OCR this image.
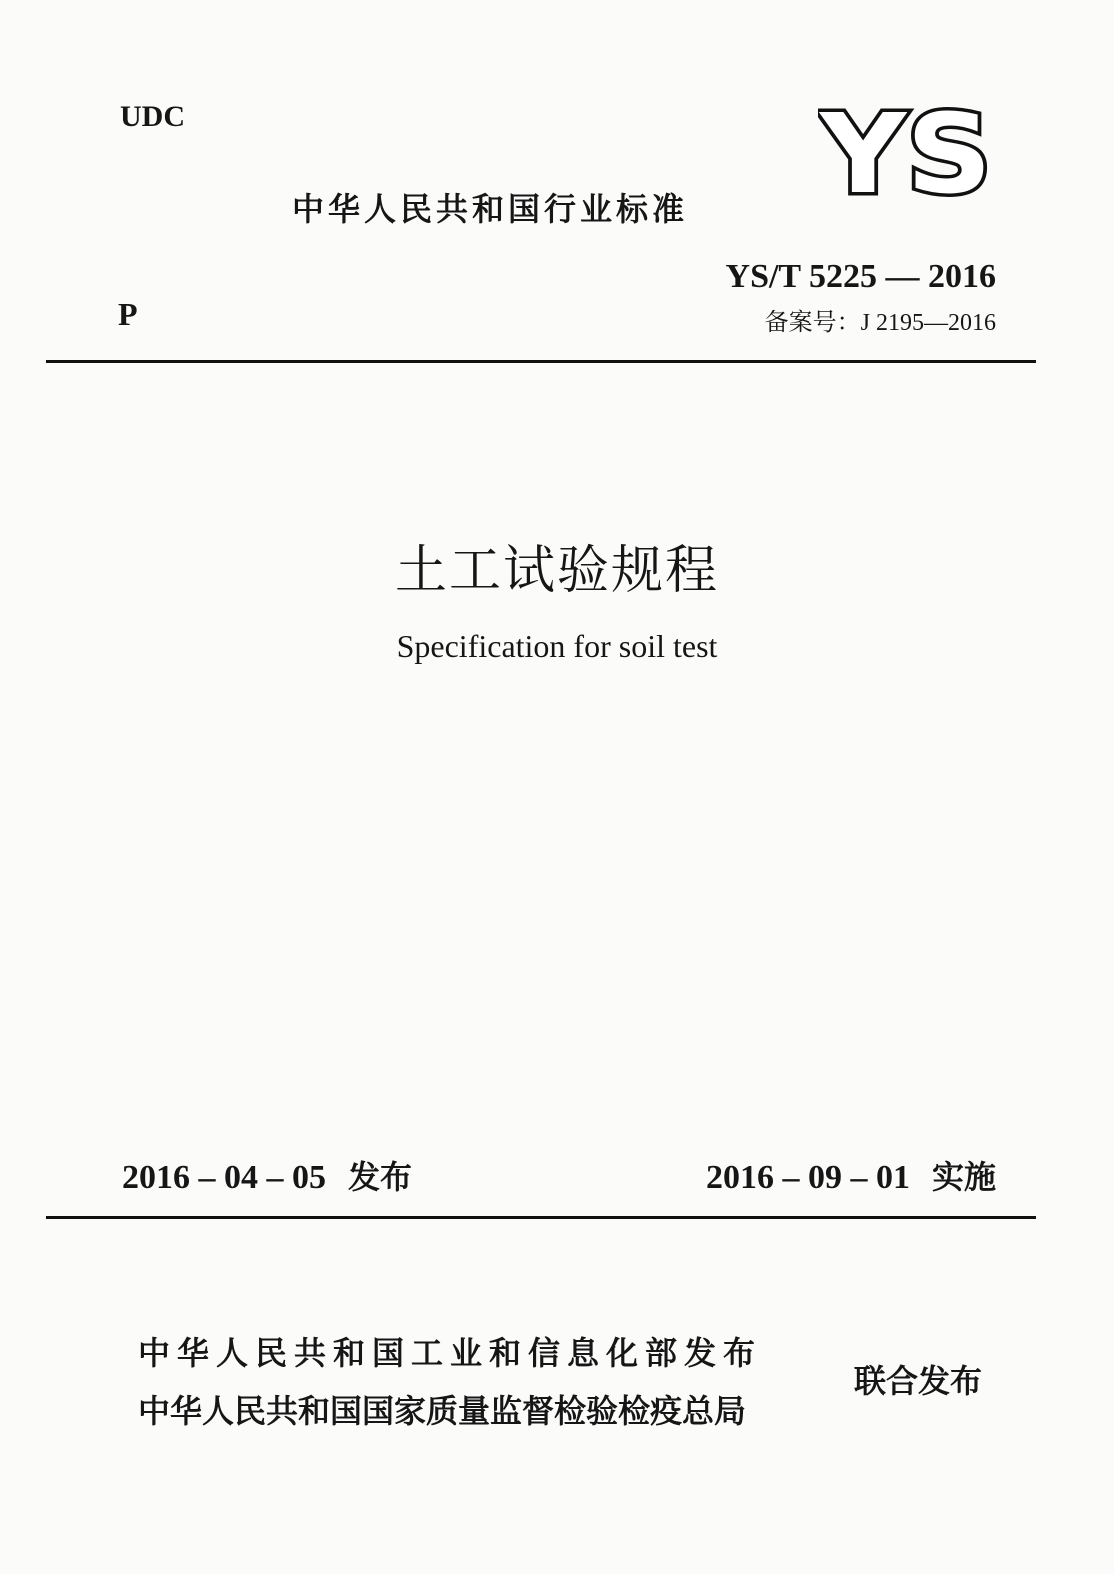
UDC
中华人民共和国行业标准 YS
P
YS/T 5225 — 2016
备案号：J 2195—2016
土工试验规程
Specification for soil test
2016 – 04 – 05 发布	2016 – 09 – 01 实施
中华人民共和国工业和信息化部发布
中华人民共和国国家质量监督检验检疫总局
联合发布
